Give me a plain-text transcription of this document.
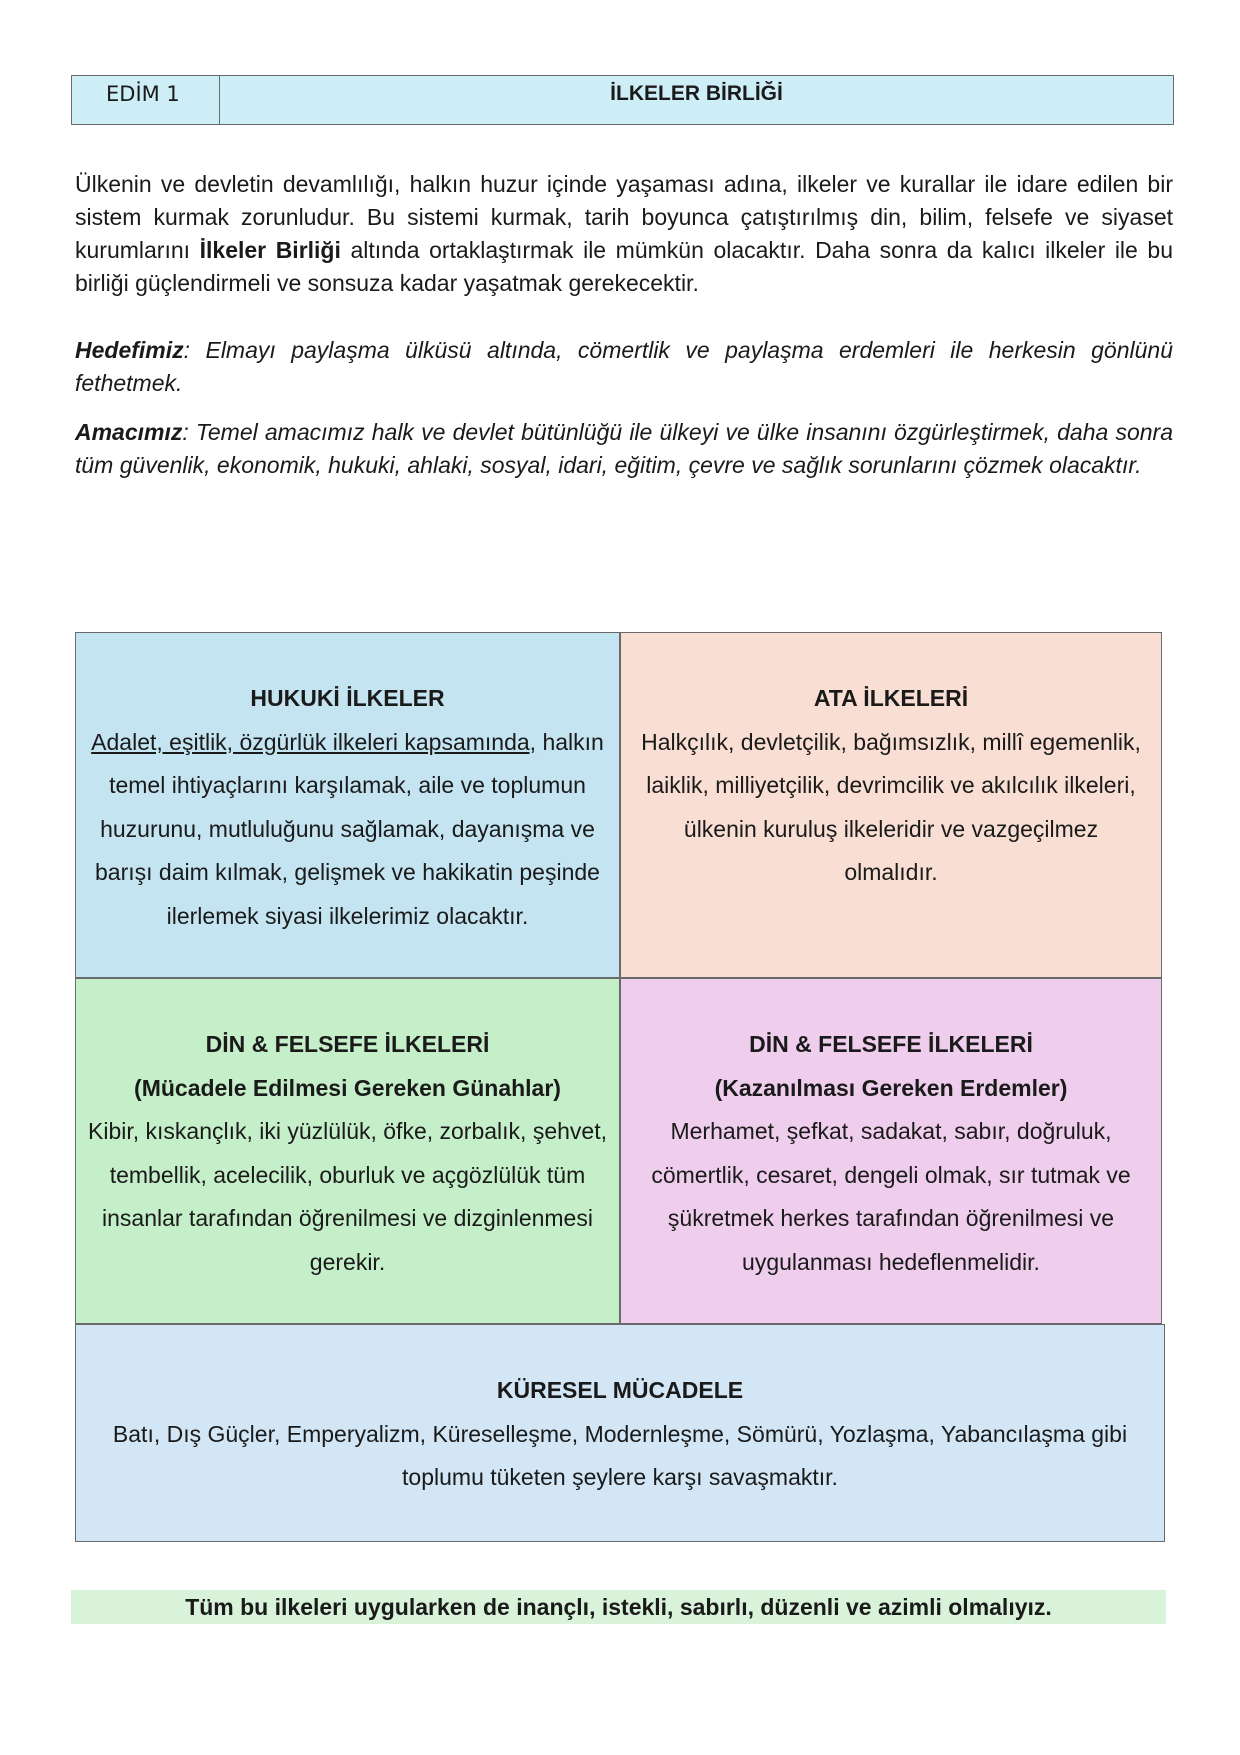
EDİM 1	İLKELER BİRLİĞİ

Ülkenin ve devletin devamlılığı, halkın huzur içinde yaşaması adına, ilkeler ve kurallar ile idare edilen bir sistem kurmak zorunludur. Bu sistemi kurmak, tarih boyunca çatıştırılmış din, bilim, felsefe ve siyaset kurumlarını İlkeler Birliği altında ortaklaştırmak ile mümkün olacaktır. Daha sonra da kalıcı ilkeler ile bu birliği güçlendirmeli ve sonsuza kadar yaşatmak gerekecektir.

Hedefimiz: Elmayı paylaşma ülküsü altında, cömertlik ve paylaşma erdemleri ile herkesin gönlünü fethetmek.

Amacımız: Temel amacımız halk ve devlet bütünlüğü ile ülkeyi ve ülke insanını özgürleştirmek, daha sonra tüm güvenlik, ekonomik, hukuki, ahlaki, sosyal, idari, eğitim, çevre ve sağlık sorunlarını çözmek olacaktır.

HUKUKİ İLKELER
Adalet, eşitlik, özgürlük ilkeleri kapsamında, halkın temel ihtiyaçlarını karşılamak, aile ve toplumun huzurunu, mutluluğunu sağlamak, dayanışma ve barışı daim kılmak, gelişmek ve hakikatin peşinde ilerlemek siyasi ilkelerimiz olacaktır.
ATA İLKELERİ
Halkçılık, devletçilik, bağımsızlık, millî egemenlik, laiklik, milliyetçilik, devrimcilik ve akılcılık ilkeleri, ülkenin kuruluş ilkeleridir ve vazgeçilmez olmalıdır.
DİN & FELSEFE İLKELERİ
(Mücadele Edilmesi Gereken Günahlar)
Kibir, kıskançlık, iki yüzlülük, öfke, zorbalık, şehvet, tembellik, acelecilik, oburluk ve açgözlülük tüm insanlar tarafından öğrenilmesi ve dizginlenmesi gerekir.
DİN & FELSEFE İLKELERİ
(Kazanılması Gereken Erdemler)
Merhamet, şefkat, sadakat, sabır, doğruluk, cömertlik, cesaret, dengeli olmak, sır tutmak ve şükretmek herkes tarafından öğrenilmesi ve uygulanması hedeflenmelidir.
KÜRESEL MÜCADELE
Batı, Dış Güçler, Emperyalizm, Küreselleşme, Modernleşme, Sömürü, Yozlaşma, Yabancılaşma gibi toplumu tüketen şeylere karşı savaşmaktır.
Tüm bu ilkeleri uygularken de inançlı, istekli, sabırlı, düzenli ve azimli olmalıyız.
